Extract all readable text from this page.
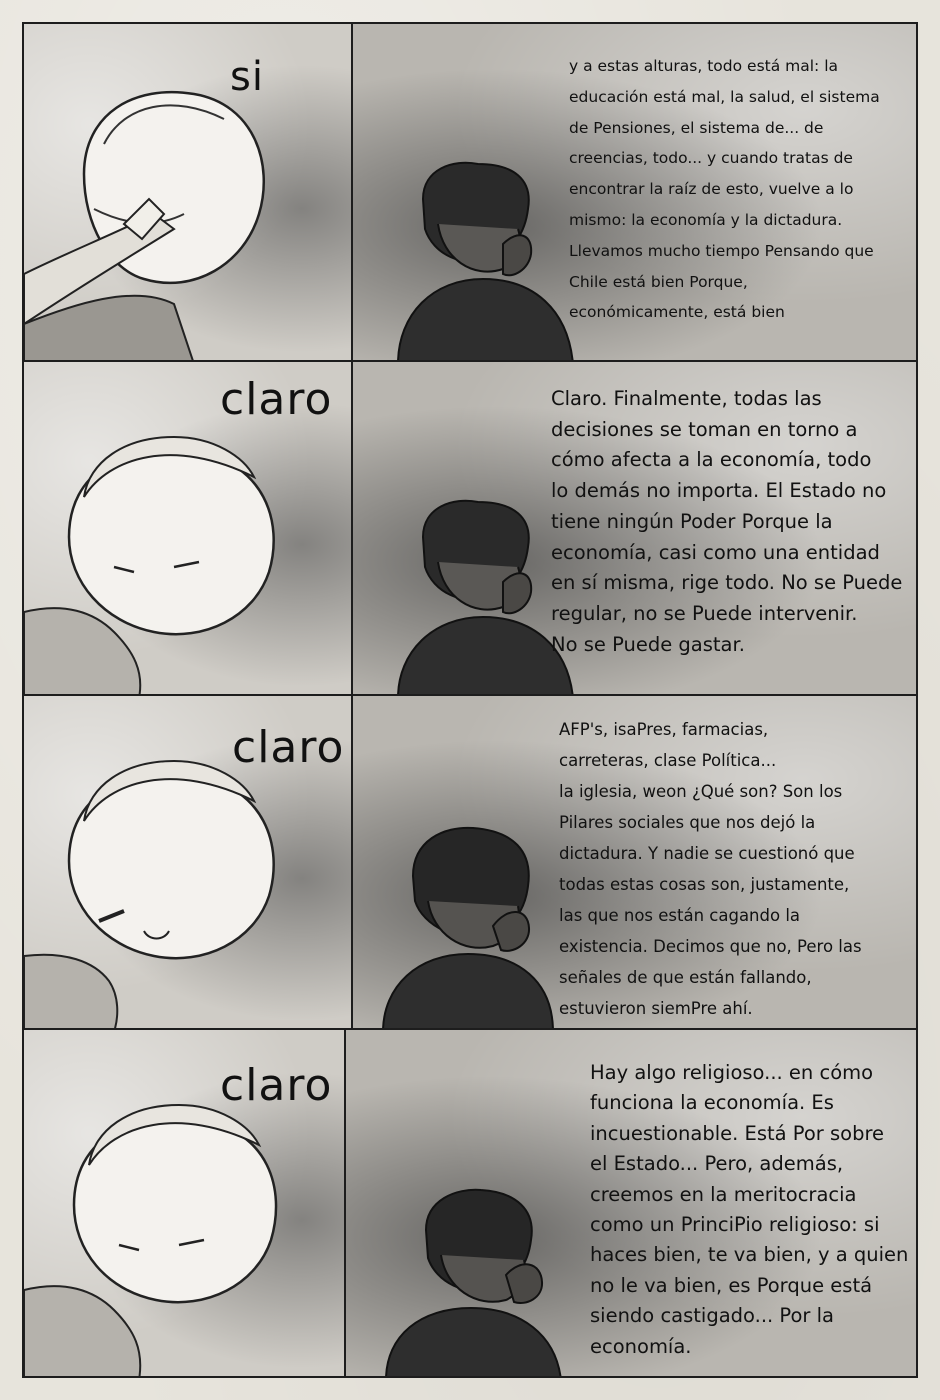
si	y a estas alturas, todo está mal: la
educación está mal, la salud, el sistema
de Pensiones, el sistema de... de
creencias, todo... y cuando tratas de
encontrar la raíz de esto, vuelve a lo
mismo: la economía y la dictadura.
Llevamos mucho tiempo Pensando que
Chile está bien Porque,
económicamente, está bien
claro	Claro. Finalmente, todas las
decisiones se toman en torno a
cómo afecta a la economía, todo
lo demás no importa. El Estado no
tiene ningún Poder Porque la
economía, casi como una entidad
en sí misma, rige todo. No se Puede
regular, no se Puede intervenir.
No se Puede gastar.
claro	AFP's, isaPres, farmacias,
carreteras, clase Política...
la iglesia, weon ¿Qué son? Son los
Pilares sociales que nos dejó la
dictadura. Y nadie se cuestionó que
todas estas cosas son, justamente,
las que nos están cagando la
existencia. Decimos que no, Pero las
señales de que están fallando,
estuvieron siemPre ahí.
claro	Hay algo religioso... en cómo
funciona la economía. Es
incuestionable. Está Por sobre
el Estado... Pero, además,
creemos en la meritocracia
como un PrinciPio religioso: si
haces bien, te va bien, y a quien
no le va bien, es Porque está
siendo castigado... Por la
economía.
